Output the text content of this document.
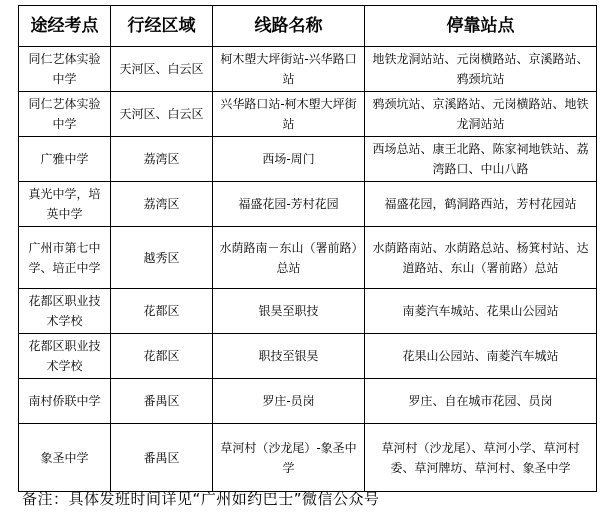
途经考点	行经区域	线路名称	停靠站点
同仁艺体实验中学	天河区、白云区	柯木塱大坪街站-兴华路口站	地铁龙洞站站、元岗横路站、京溪路站、鸦颈坑站
同仁艺体实验中学	天河区、白云区	兴华路口站-柯木塱大坪街站	鸦颈坑站、京溪路站、元岗横路站、地铁龙洞站站
广雅中学	荔湾区	西场-周门	西场总站、康王北路、陈家祠地铁站、荔湾路口、中山八路
真光中学，培英中学	荔湾区	福盛花园-芳村花园	福盛花园，鹤洞路西站，芳村花园站
广州市第七中学、培正中学	越秀区	水荫路南－东山（署前路）总站	水荫路南站、水荫路总站、杨箕村站、达道路站、东山（署前路）总站
花都区职业技术学校	花都区	银昊至职技	南菱汽车城站、花果山公园站
花都区职业技术学校	花都区	职技至银昊	花果山公园站、南菱汽车城站
南村侨联中学	番禺区	罗庄-员岗	罗庄、自在城市花园、员岗
象圣中学	番禺区	草河村（沙龙尾）-象圣中学	草河村（沙龙尾）、草河小学、草河村委、草河牌坊、草河村、象圣中学
备注：具体发班时间详见“广州如约巴士”微信公众号
